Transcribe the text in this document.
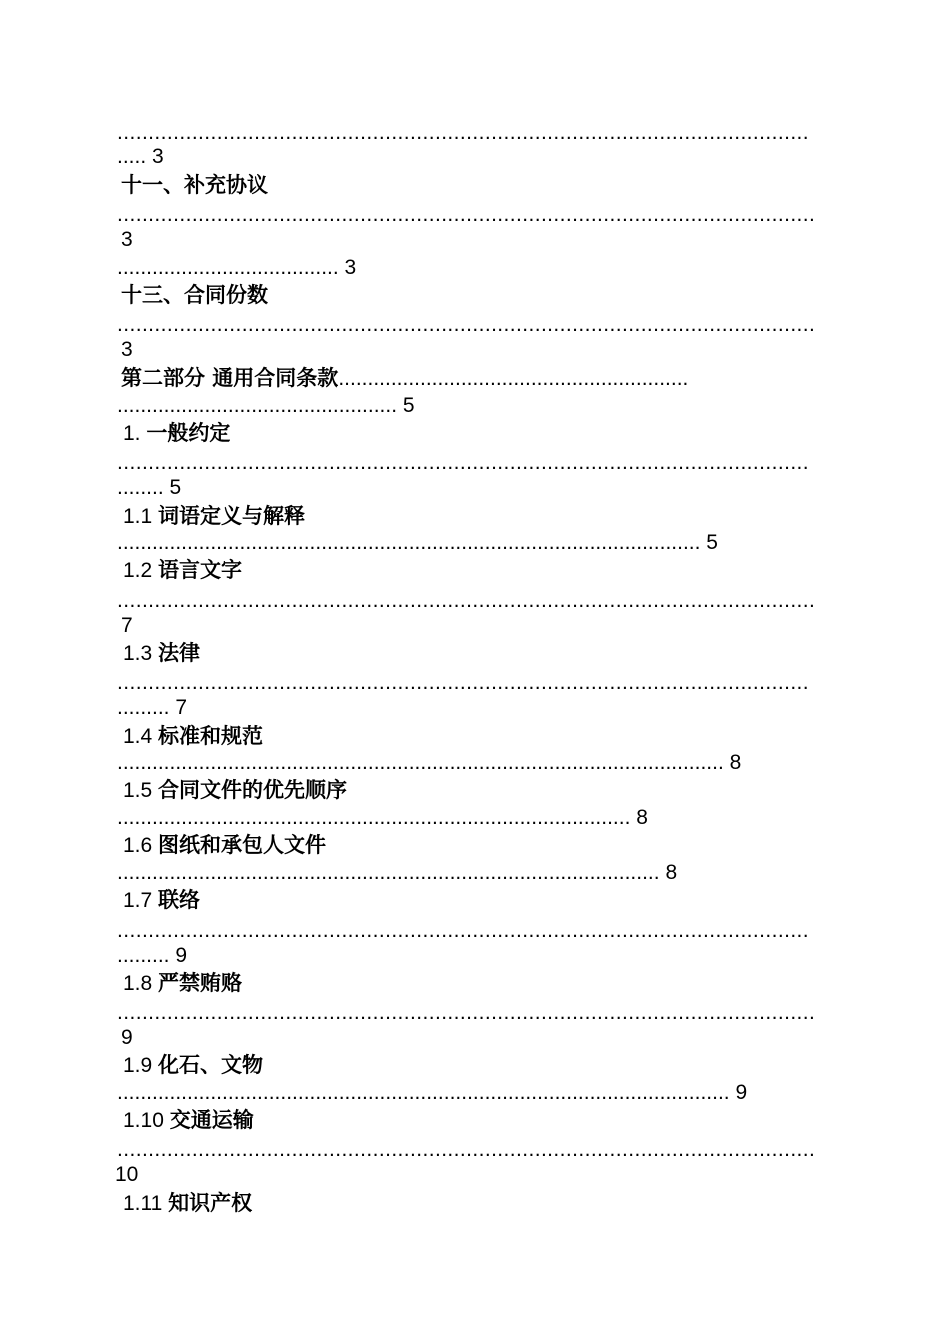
...............................................................................................................
..... 3
十一、补充协议
................................................................................................................
3
...................................... 3
十三、合同份数
................................................................................................................
3
第二部分 通用合同条款............................................................
................................................ 5
1. 一般约定
...............................................................................................................
........ 5
1.1 词语定义与解释
.................................................................................................... 5
1.2 语言文字
................................................................................................................
7
1.3 法律
...............................................................................................................
......... 7
1.4 标准和规范
........................................................................................................ 8
1.5 合同文件的优先顺序
........................................................................................ 8
1.6 图纸和承包人文件
............................................................................................. 8
1.7 联络
...............................................................................................................
......... 9
1.8 严禁贿赂
................................................................................................................
9
1.9 化石、文物
......................................................................................................... 9
1.10 交通运输
................................................................................................................
10
1.11 知识产权
